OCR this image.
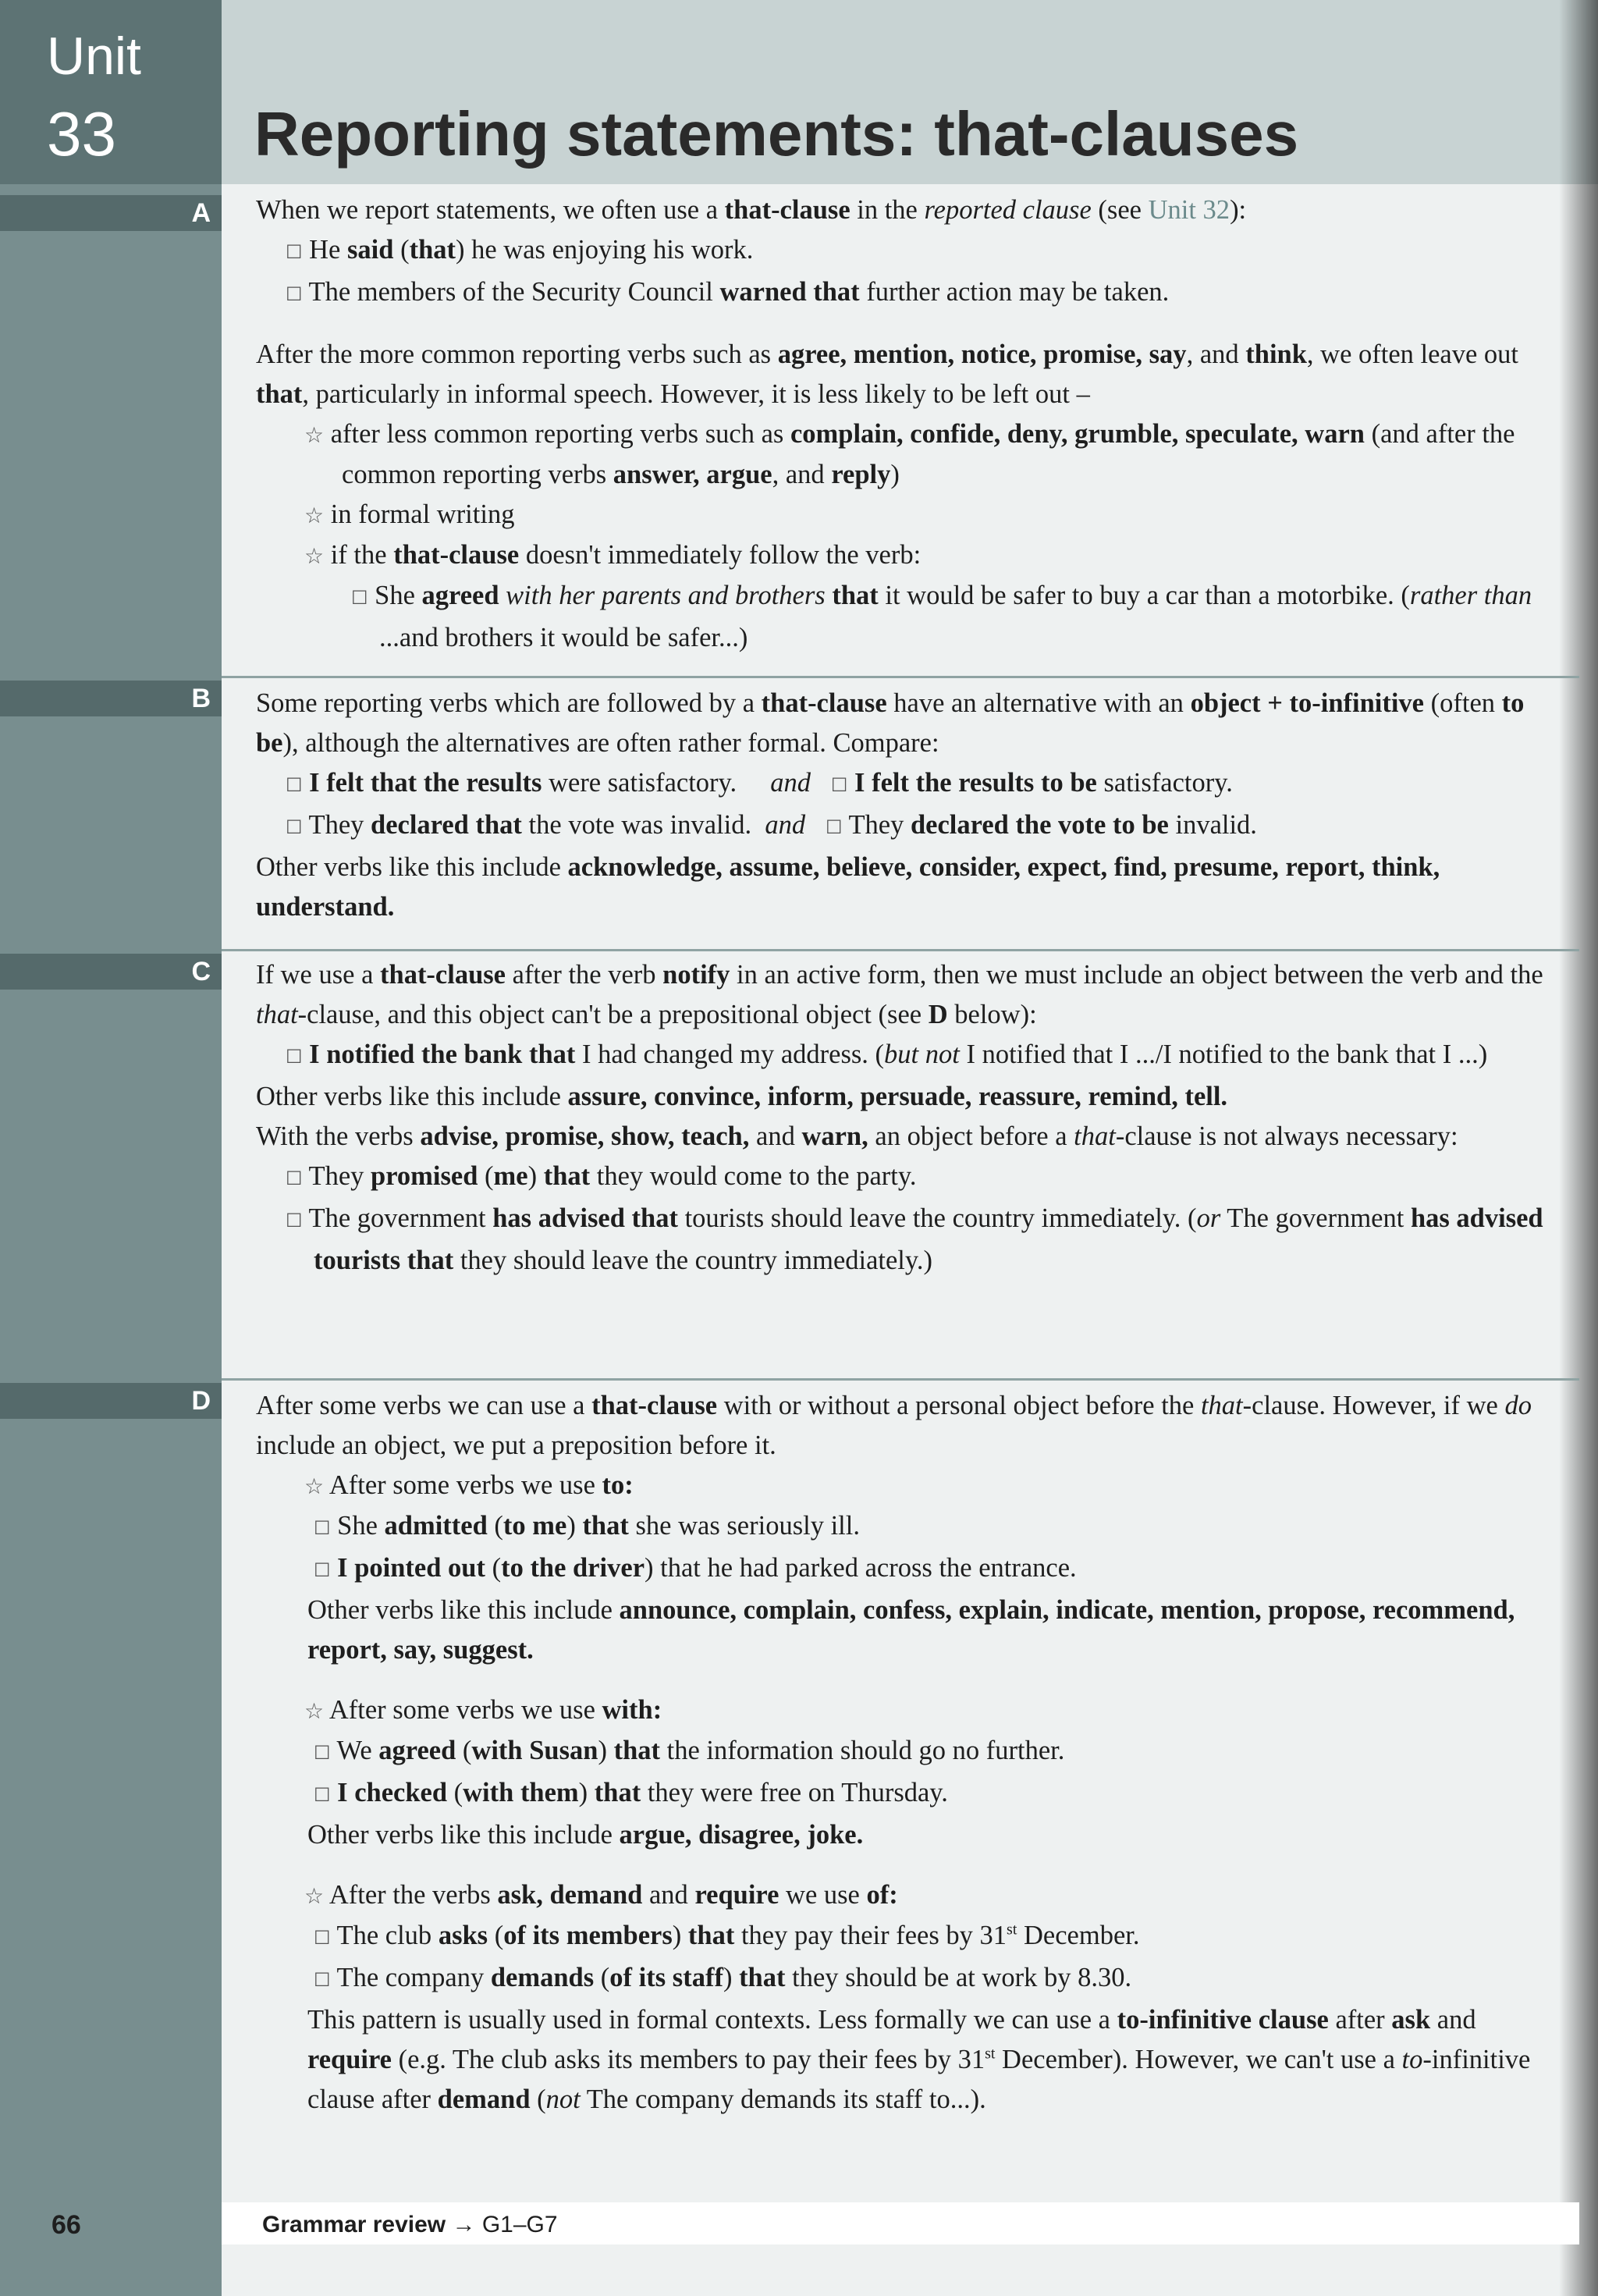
Unit
33 Reporting statements: that-clauses
A When we report statements, we often use a that-clause in the reported clause (see Unit 32):

☐ He said (that) he was enjoying his work.

☐ The members of the Security Council warned that further action may be taken.

After the more common reporting verbs such as agree, mention, notice, promise, say, and think, we often leave out that, particularly in informal speech. However, it is less likely to be left out –

☆ after less common reporting verbs such as complain, confide, deny, grumble, speculate, warn (and after the common reporting verbs answer, argue, and reply)

☆ in formal writing

☆ if the that-clause doesn't immediately follow the verb:

☐ She agreed with her parents and brothers that it would be safer to buy a car than a motorbike. (rather than ...and brothers it would be safer...)

B Some reporting verbs which are followed by a that-clause have an alternative with an object + to-infinitive (often to be), although the alternatives are often rather formal. Compare:

☐ I felt that the results were satisfactory.     and ☐ I felt the results to be satisfactory.

☐ They declared that the vote was invalid.  and ☐ They declared the vote to be invalid.

Other verbs like this include acknowledge, assume, believe, consider, expect, find, presume, report, think, understand.

C If we use a that-clause after the verb notify in an active form, then we must include an object between the verb and the that-clause, and this object can't be a prepositional object (see D below):

☐ I notified the bank that I had changed my address. (but not I notified that I .../I notified to the bank that I ...)

Other verbs like this include assure, convince, inform, persuade, reassure, remind, tell.

With the verbs advise, promise, show, teach, and warn, an object before a that-clause is not always necessary:

☐ They promised (me) that they would come to the party.

☐ The government has advised that tourists should leave the country immediately. (or The government has advised tourists that they should leave the country immediately.)

D After some verbs we can use a that-clause with or without a personal object before the that-clause. However, if we do include an object, we put a preposition before it.

☆ After some verbs we use to:

☐ She admitted (to me) that she was seriously ill.

☐ I pointed out (to the driver) that he had parked across the entrance.

Other verbs like this include announce, complain, confess, explain, indicate, mention, propose, recommend, report, say, suggest.

☆ After some verbs we use with:

☐ We agreed (with Susan) that the information should go no further.

☐ I checked (with them) that they were free on Thursday.

Other verbs like this include argue, disagree, joke.

☆ After the verbs ask, demand and require we use of:

☐ The club asks (of its members) that they pay their fees by 31st December.

☐ The company demands (of its staff) that they should be at work by 8.30.

This pattern is usually used in formal contexts. Less formally we can use a to-infinitive clause after ask and require (e.g. The club asks its members to pay their fees by 31st December). However, we can't use a to-infinitive clause after demand (not The company demands its staff to...).

66	Grammar review → G1–G7
